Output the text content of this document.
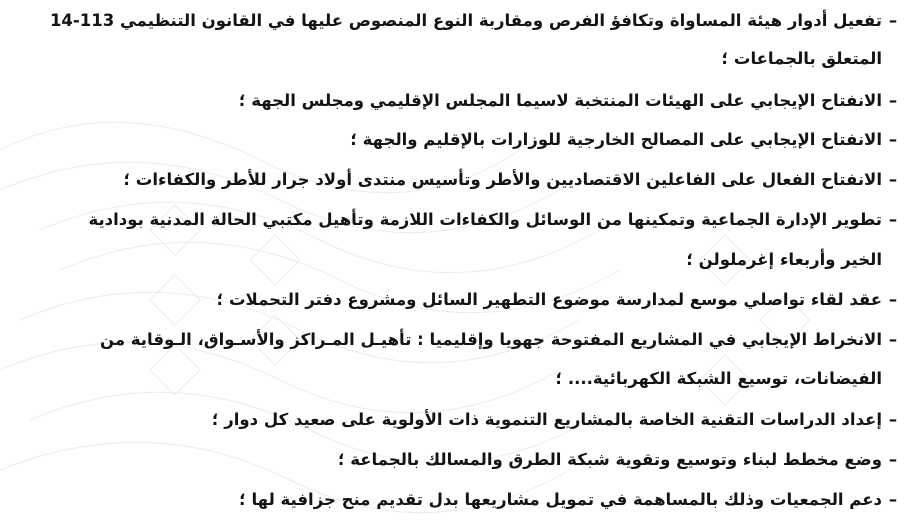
–تفعيل أدوار هيئة المساواة وتكافؤ الفرص ومقاربة النوع المنصوص عليها في القانون التنظيمي 113-14
المتعلق بالجماعات ؛
–الانفتاح الإيجابي على الهيئات المنتخبة لاسيما المجلس الإقليمي ومجلس الجهة ؛
–الانفتاح الإيجابي على المصالح الخارجية للوزارات بالإقليم والجهة ؛
–الانفتاح الفعال على الفاعلين الاقتصاديين والأطر وتأسيس منتدى أولاد جرار للأطر والكفاءات ؛
–تطوير الإدارة الجماعية وتمكينها من الوسائل والكفاءات اللازمة وتأهيل مكتبي الحالة المدنية بودادية
الخير وأربعاء إغرملولن ؛
–عقد لقاء تواصلي موسع لمدارسة موضوع التطهير السائل ومشروع دفتر التحملات ؛
–الانخراط الإيجابي في المشاريع المفتوحة جهويا وإقليميا : تأهيـل المـراكز والأسـواق، الـوقاية من
الفيضانات، توسيع الشبكة الكهربائية.... ؛
–إعداد الدراسات التقنية الخاصة بالمشاريع التنموية ذات الأولوية على صعيد كل دوار ؛
–وضع مخطط لبناء وتوسيع وتقوية شبكة الطرق والمسالك بالجماعة ؛
–دعم الجمعيات وذلك بالمساهمة في تمويل مشاريعها بدل تقديم منح جزافية لها ؛
